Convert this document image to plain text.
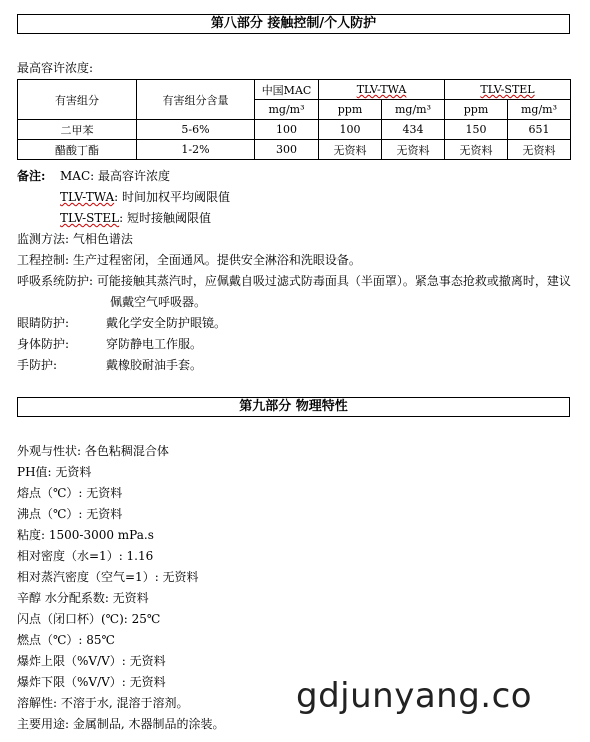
第八部分 接触控制/个人防护
最高容许浓度:
有害组分	有害组分含量	中国MAC	TLV-TWA		TLV-STEL	
		mg/m³	ppm	mg/m³	ppm	mg/m³
二甲苯	5-6%	100	100	434	150	651
醋酸丁酯	1-2%	300	无资料	无资料	无资料	无资料
备注: MAC: 最高容许浓度
TLV-TWA: 时间加权平均阈限值
TLV-STEL: 短时接触阈限值
监测方法: 气相色谱法
工程控制: 生产过程密闭，全面通风。提供安全淋浴和洗眼设备。
呼吸系统防护: 可能接触其蒸汽时，应佩戴自吸过滤式防毒面具（半面罩）。紧急事态抢救或撤离时，建议
佩戴空气呼吸器。
眼睛防护:	戴化学安全防护眼镜。
身体防护:	穿防静电工作服。
手防护:	戴橡胶耐油手套。
第九部分 物理特性
外观与性状: 各色粘稠混合体
PH值: 无资料
熔点（℃）: 无资料
沸点（℃）: 无资料
粘度: 1500-3000 mPa.s
相对密度（水=1）: 1.16
相对蒸汽密度（空气=1）: 无资料
辛醇 水分配系数: 无资料
闪点（闭口杯）(℃): 25℃
燃点（℃）: 85℃
爆炸上限（%V/V）: 无资料
爆炸下限（%V/V）: 无资料
溶解性: 不溶于水, 混溶于溶剂。
主要用途: 金属制品, 木器制品的涂装。
gdjunyang.co
